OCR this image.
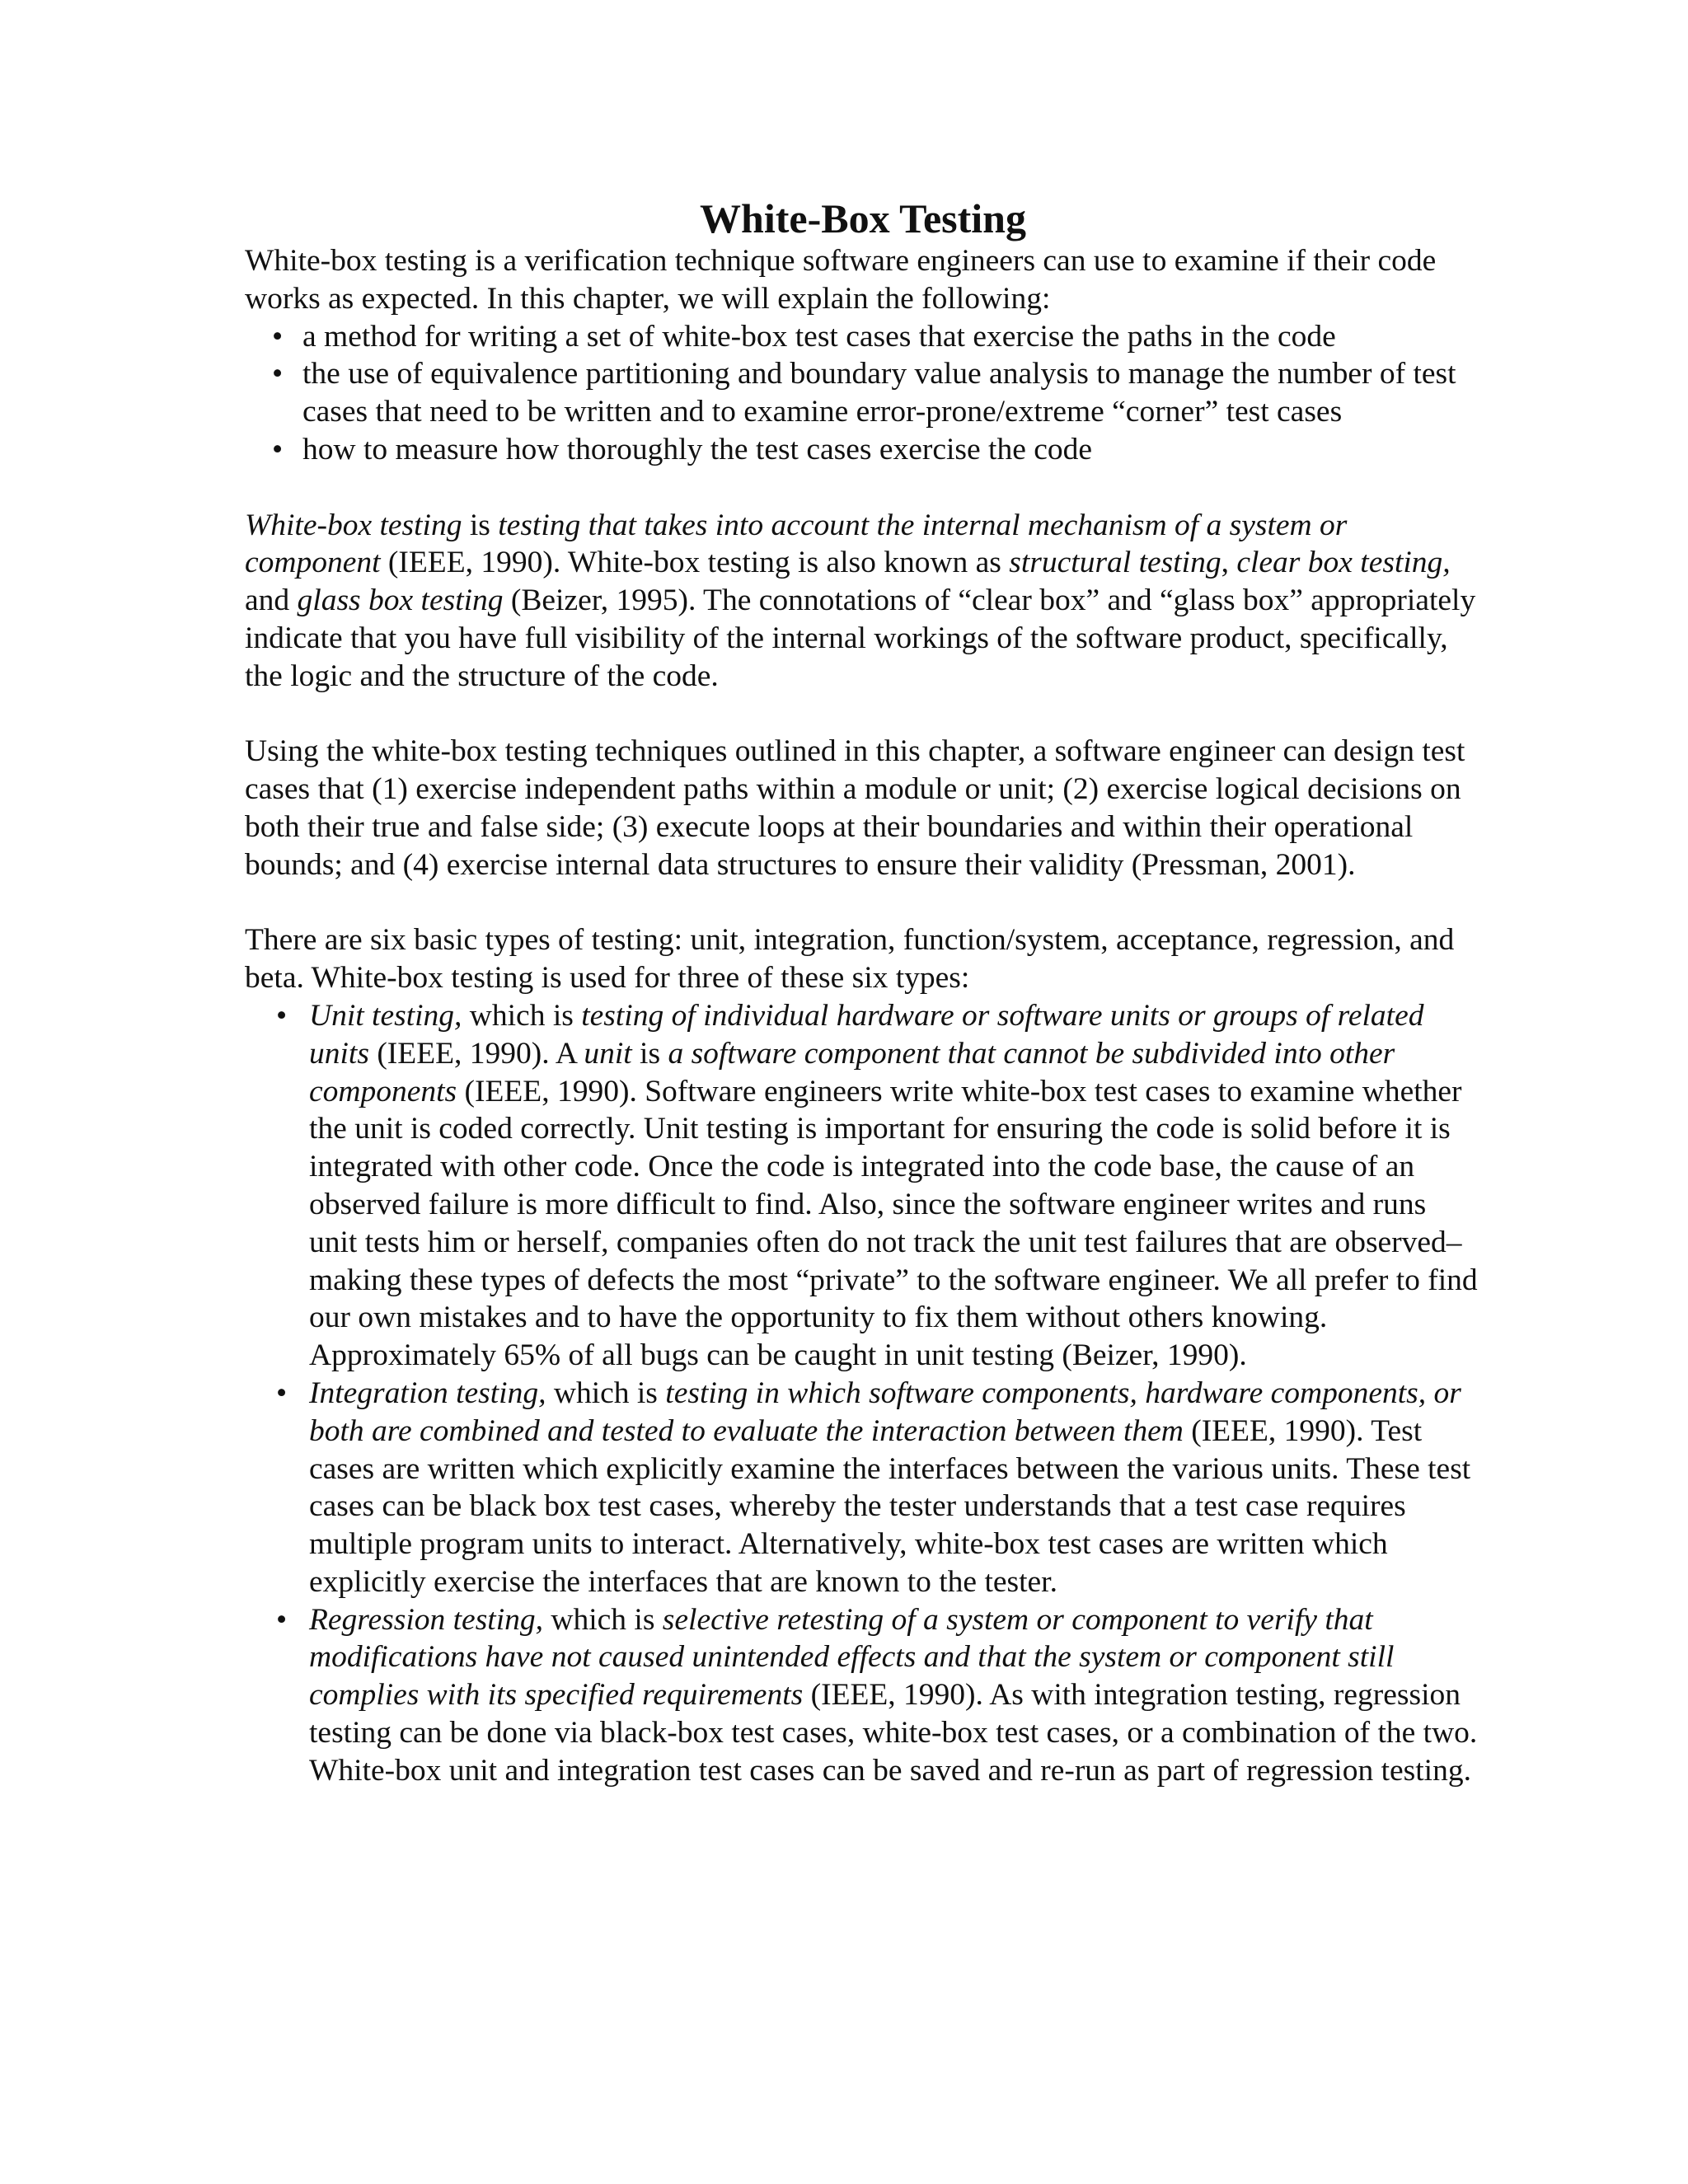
White-Box Testing

White-box testing is a verification technique software engineers can use to examine if their code works as expected. In this chapter, we will explain the following:

• a method for writing a set of white-box test cases that exercise the paths in the code
• the use of equivalence partitioning and boundary value analysis to manage the number of test cases that need to be written and to examine error-prone/extreme “corner” test cases
• how to measure how thoroughly the test cases exercise the code

White-box testing is testing that takes into account the internal mechanism of a system or component (IEEE, 1990). White-box testing is also known as structural testing, clear box testing, and glass box testing (Beizer, 1995). The connotations of “clear box” and “glass box” appropriately indicate that you have full visibility of the internal workings of the software product, specifically, the logic and the structure of the code.

Using the white-box testing techniques outlined in this chapter, a software engineer can design test cases that (1) exercise independent paths within a module or unit; (2) exercise logical decisions on both their true and false side; (3) execute loops at their boundaries and within their operational bounds; and (4) exercise internal data structures to ensure their validity (Pressman, 2001).

There are six basic types of testing: unit, integration, function/system, acceptance, regression, and beta. White-box testing is used for three of these six types:

• Unit testing, which is testing of individual hardware or software units or groups of related units (IEEE, 1990). A unit is a software component that cannot be subdivided into other components (IEEE, 1990). Software engineers write white-box test cases to examine whether the unit is coded correctly. Unit testing is important for ensuring the code is solid before it is integrated with other code. Once the code is integrated into the code base, the cause of an observed failure is more difficult to find. Also, since the software engineer writes and runs unit tests him or herself, companies often do not track the unit test failures that are observed– making these types of defects the most “private” to the software engineer. We all prefer to find our own mistakes and to have the opportunity to fix them without others knowing. Approximately 65% of all bugs can be caught in unit testing (Beizer, 1990).
• Integration testing, which is testing in which software components, hardware components, or both are combined and tested to evaluate the interaction between them (IEEE, 1990). Test cases are written which explicitly examine the interfaces between the various units. These test cases can be black box test cases, whereby the tester understands that a test case requires multiple program units to interact. Alternatively, white-box test cases are written which explicitly exercise the interfaces that are known to the tester.
• Regression testing, which is selective retesting of a system or component to verify that modifications have not caused unintended effects and that the system or component still complies with its specified requirements (IEEE, 1990). As with integration testing, regression testing can be done via black-box test cases, white-box test cases, or a combination of the two. White-box unit and integration test cases can be saved and re-run as part of regression testing.
